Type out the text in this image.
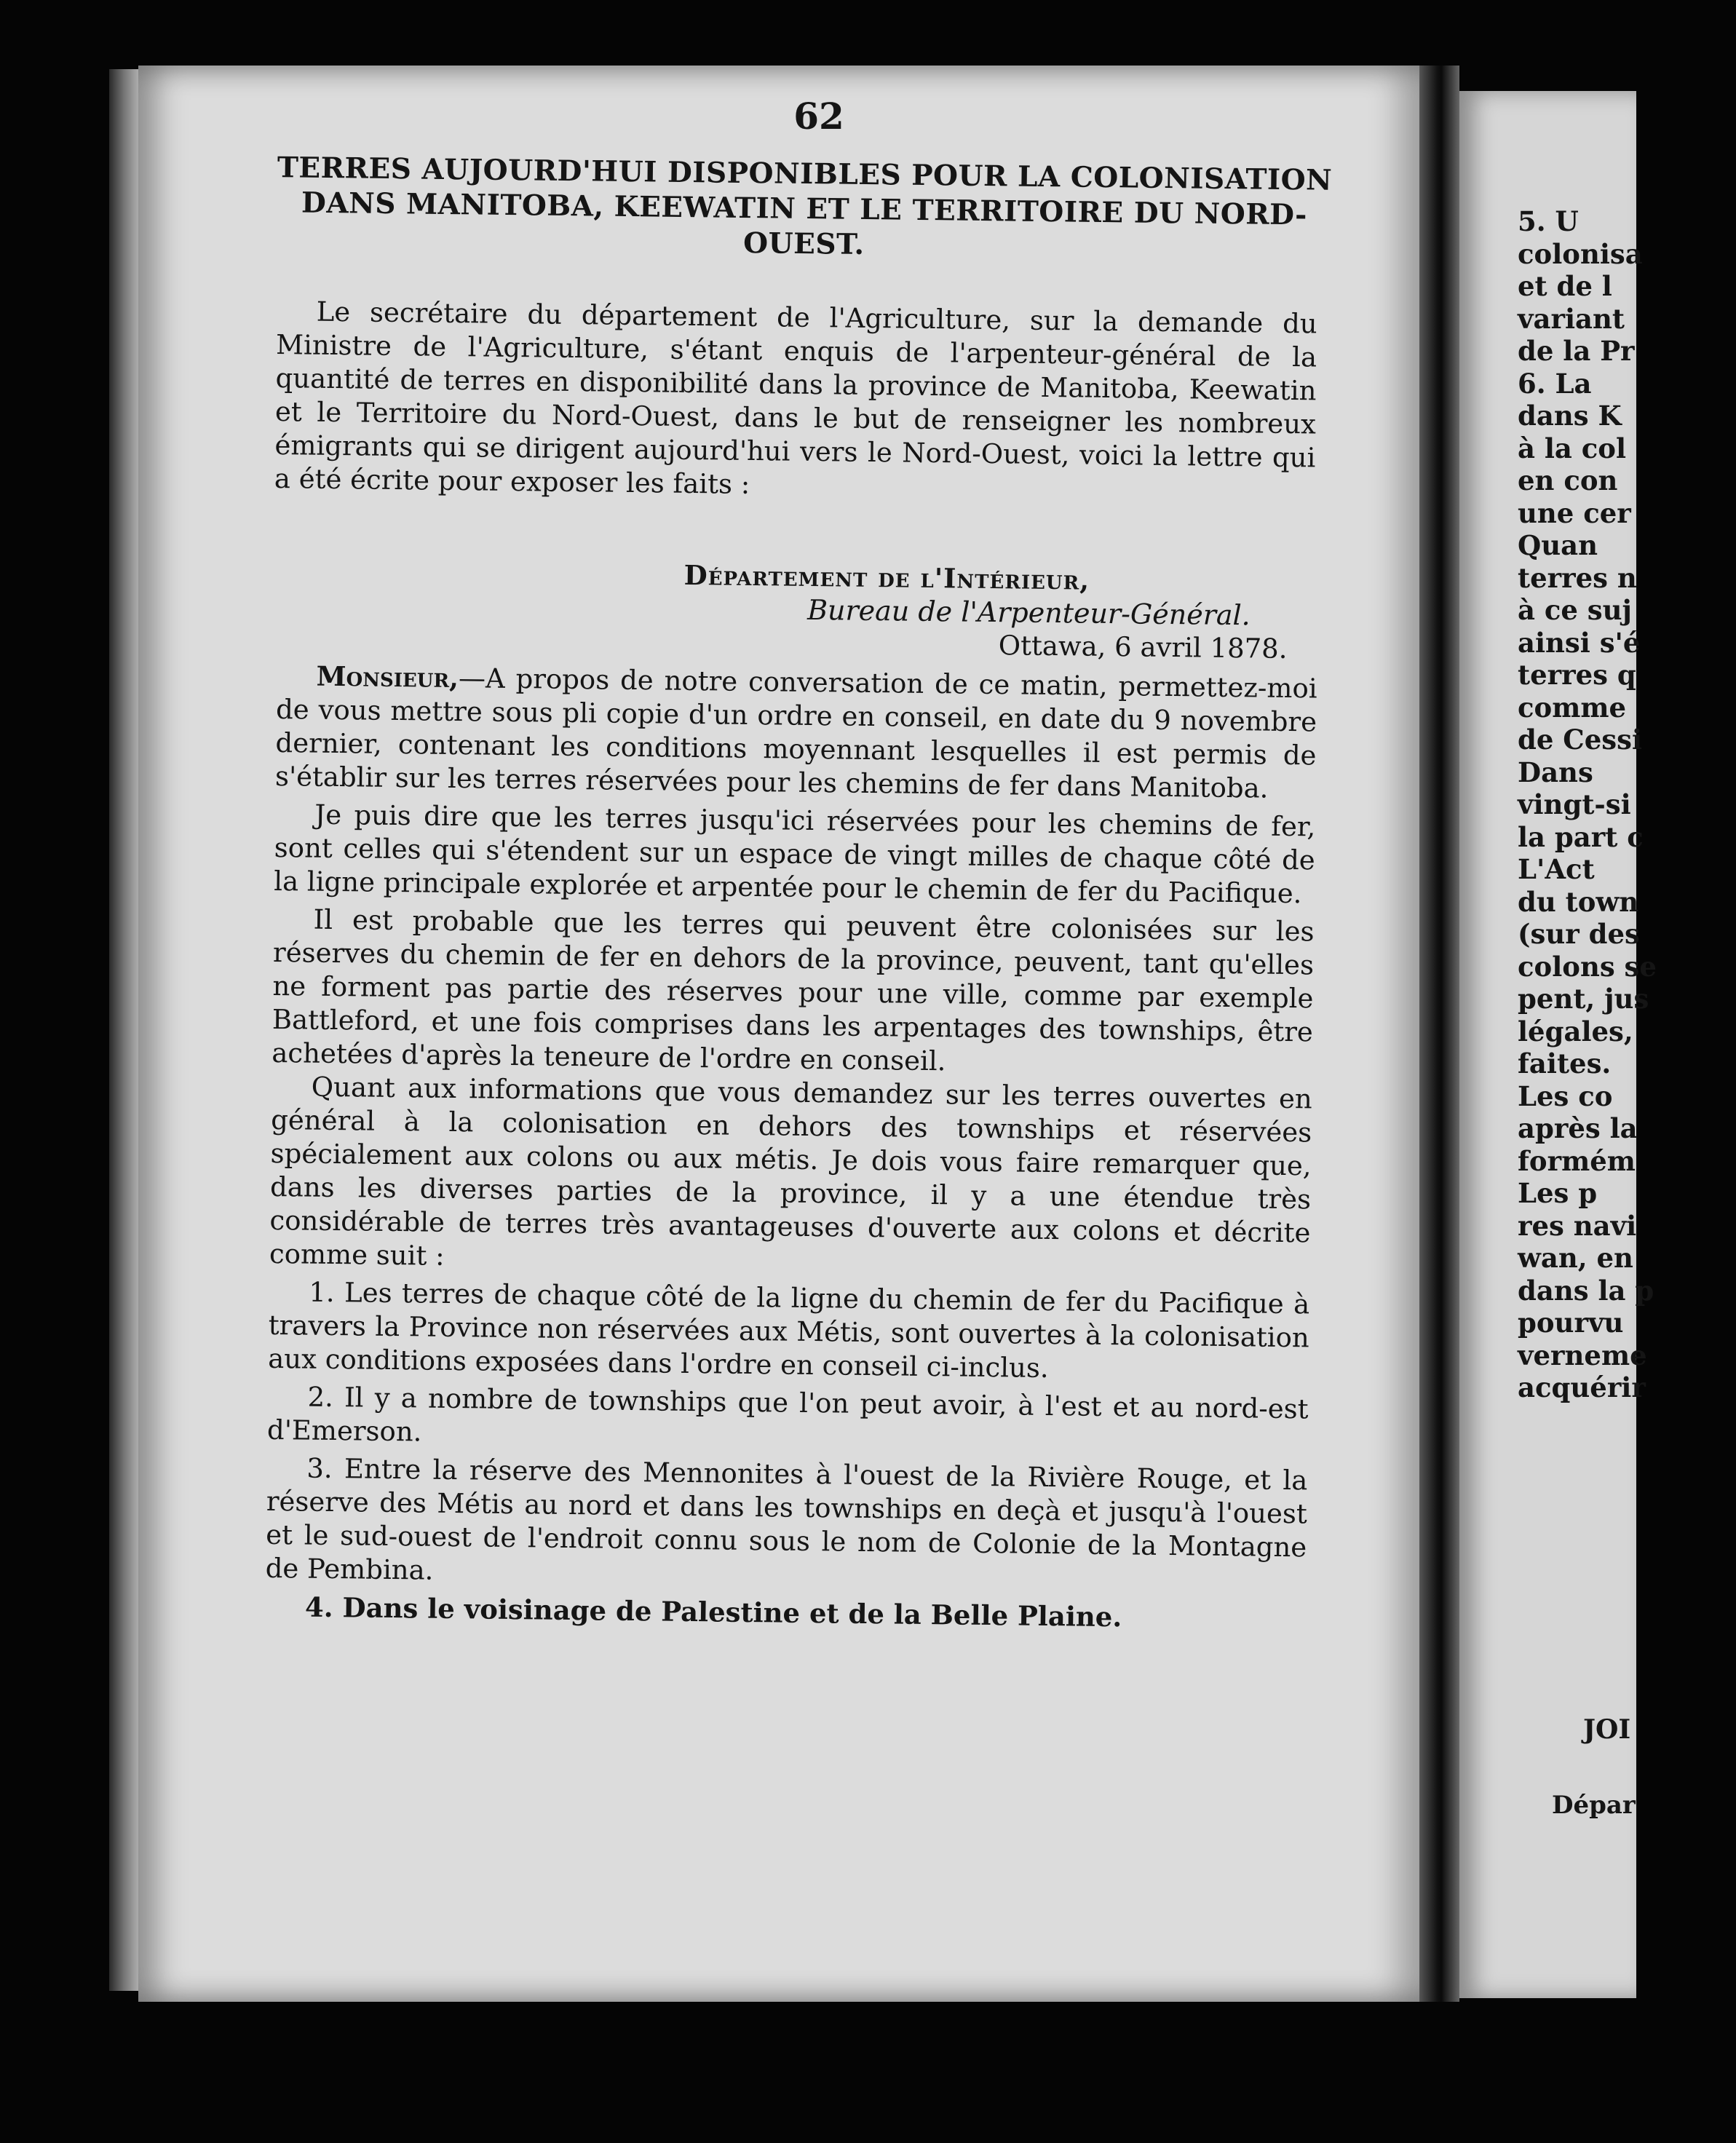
62
TERRES AUJOURD'HUI DISPONIBLES POUR LA COLONISATION DANS MANITOBA, KEEWATIN ET LE TERRITOIRE DU NORD-OUEST.

Le secrétaire du département de l'Agriculture, sur la demande du Ministre de l'Agriculture, s'étant enquis de l'arpenteur-général de la quantité de terres en disponibilité dans la province de Manitoba, Keewatin et le Territoire du Nord-Ouest, dans le but de renseigner les nombreux émigrants qui se dirigent aujourd'hui vers le Nord-Ouest, voici la lettre qui a été écrite pour exposer les faits :

Département de l'Intérieur,
Bureau de l'Arpenteur-Général.
Ottawa, 6 avril 1878.

Monsieur,—A propos de notre conversation de ce matin, permettez-moi de vous mettre sous pli copie d'un ordre en conseil, en date du 9 novembre dernier, contenant les conditions moyennant lesquelles il est permis de s'établir sur les terres réservées pour les chemins de fer dans Manitoba.

Je puis dire que les terres jusqu'ici réservées pour les chemins de fer, sont celles qui s'étendent sur un espace de vingt milles de chaque côté de la ligne principale explorée et arpentée pour le chemin de fer du Pacifique.

Il est probable que les terres qui peuvent être colonisées sur les réserves du chemin de fer en dehors de la province, peuvent, tant qu'elles ne forment pas partie des réserves pour une ville, comme par exemple Battleford, et une fois comprises dans les arpentages des townships, être achetées d'après la teneure de l'ordre en conseil.

Quant aux informations que vous demandez sur les terres ouvertes en général à la colonisation en dehors des townships et réservées spécialement aux colons ou aux métis. Je dois vous faire remarquer que, dans les diverses parties de la province, il y a une étendue très considérable de terres très avantageuses d'ouverte aux colons et décrite comme suit :

1. Les terres de chaque côté de la ligne du chemin de fer du Pacifique à travers la Province non réservées aux Métis, sont ouvertes à la colonisation aux conditions exposées dans l'ordre en conseil ci-inclus.

2. Il y a nombre de townships que l'on peut avoir, à l'est et au nord-est d'Emerson.

3. Entre la réserve des Mennonites à l'ouest de la Rivière Rouge, et la réserve des Métis au nord et dans les townships en deçà et jusqu'à l'ouest et le sud-ouest de l'endroit connu sous le nom de Colonie de la Montagne de Pembina.

4. Dans le voisinage de Palestine et de la Belle Plaine.

5. U
colonisa
et de l
variant
de la Pr
6. La
dans K
à la col
en con
une cer
Quan
terres n
à ce suj
ainsi s'é
terres q
comme
de Cessi
Dans
vingt-si
la part c
L'Act
du town
(sur des
colons se
pent, jus
légales,
faites.
Les co
après la
formém
Les p
res navi
wan, en
dans la p
pourvu
verneme
acquérir
JOI
Dépar
